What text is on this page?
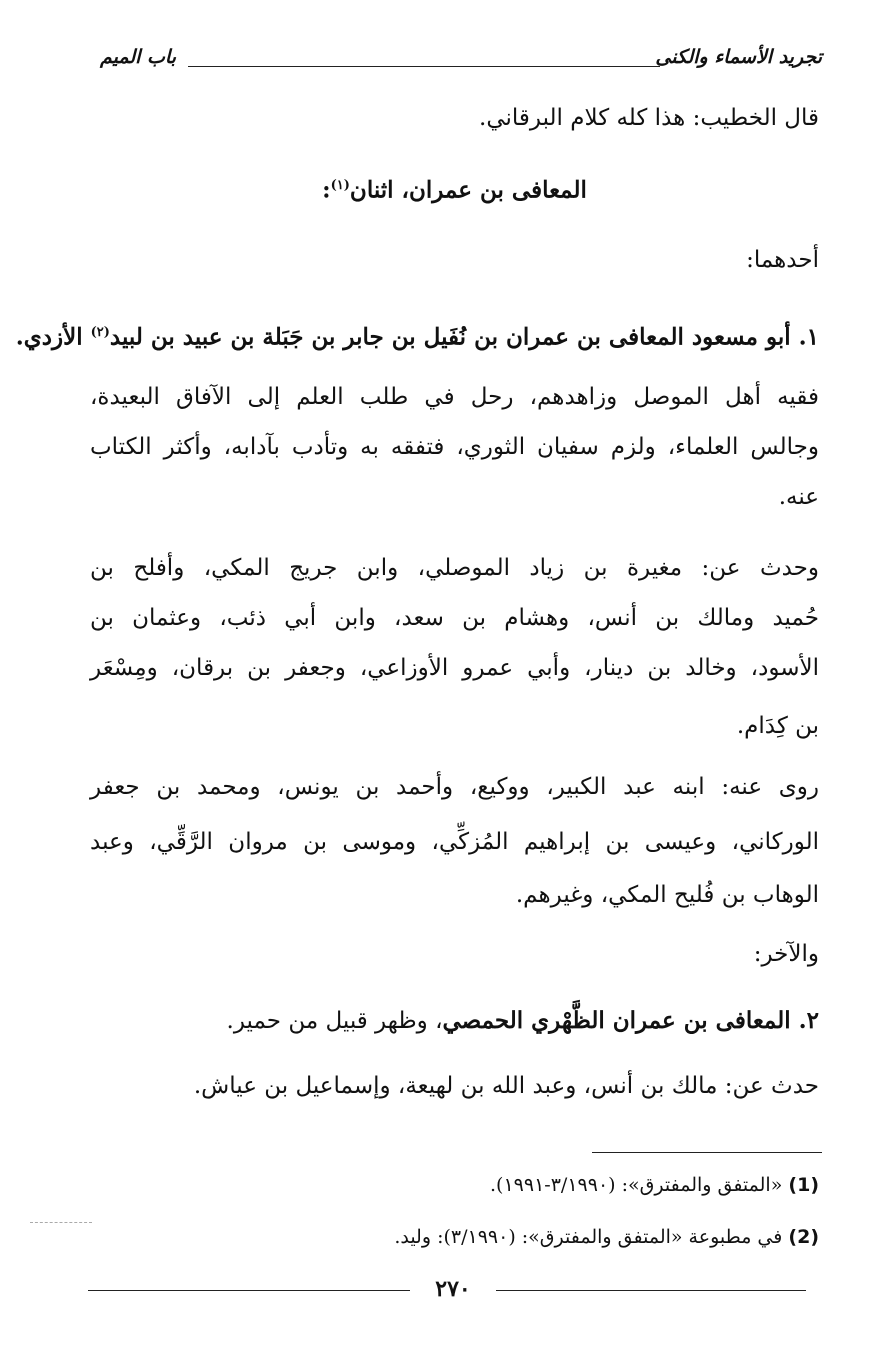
تجريد الأسماء والكنى
باب الميم
قال الخطيب: هذا كله كلام البرقاني.
المعافى بن عمران، اثنان$^{(١)}$:
أحدهما:
١. أبو مسعود المعافى بن عمران بن نُفَيل بن جابر بن جَبَلة بن عبيد بن لبيد$^{(٢)}$ الأزدي.
فقيه أهل الموصل وزاهدهم، رحل في طلب العلم إلى الآفاق البعيدة،
وجالس العلماء، ولزم سفيان الثوري، فتفقه به وتأدب بآدابه، وأكثر الكتاب
عنه.
وحدث عن: مغيرة بن زياد الموصلي، وابن جريج المكي، وأفلح بن
حُميد ومالك بن أنس، وهشام بن سعد، وابن أبي ذئب، وعثمان بن
الأسود، وخالد بن دينار، وأبي عمرو الأوزاعي، وجعفر بن برقان، ومِسْعَر
بن كِدَام.
روى عنه: ابنه عبد الكبير، ووكيع، وأحمد بن يونس، ومحمد بن جعفر
الوركاني، وعيسى بن إبراهيم المُزكِّي، وموسى بن مروان الرَّقِّي، وعبد
الوهاب بن فُليح المكي، وغيرهم.
والآخر:
٢. المعافى بن عمران الظَّهْري الحمصي، وظهر قبيل من حمير.
حدث عن: مالك بن أنس، وعبد الله بن لهيعة، وإسماعيل بن عياش.
(1) «المتفق والمفترق»: (٣/١٩٩٠-١٩٩١).
(2) في مطبوعة «المتفق والمفترق»: (٣/١٩٩٠): وليد.
٢٧٠
